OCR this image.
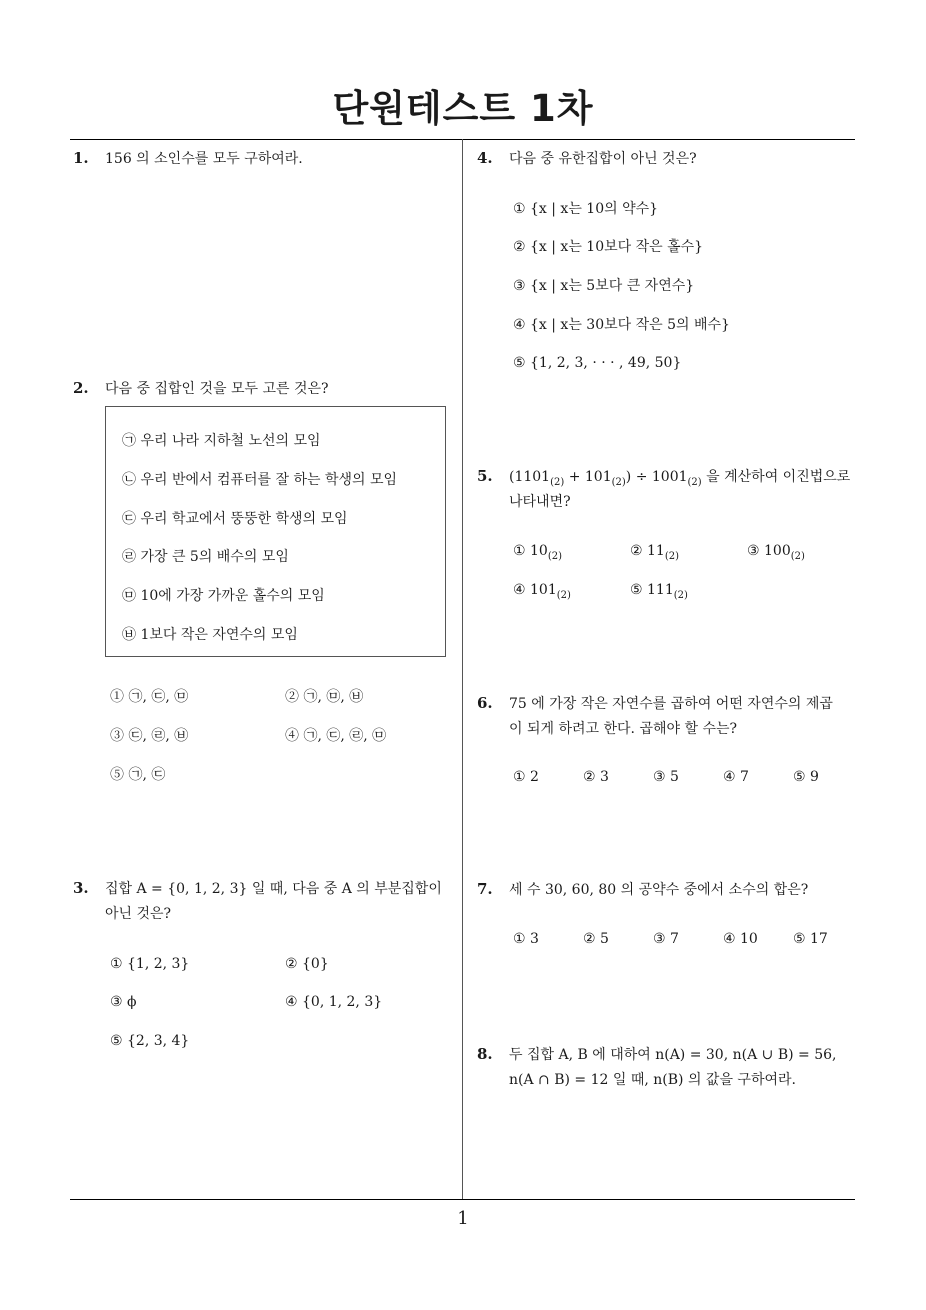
단원테스트 1차
1. 156 의 소인수를 모두 구하여라.
2. 다음 중 집합인 것을 모두 고른 것은?
㉠ 우리 나라 지하철 노선의 모임
㉡ 우리 반에서 컴퓨터를 잘 하는 학생의 모임
㉢ 우리 학교에서 뚱뚱한 학생의 모임
㉣ 가장 큰 5의 배수의 모임
㉤ 10에 가장 가까운 홀수의 모임
㉥ 1보다 작은 자연수의 모임
① ㉠, ㉢, ㉤	② ㉠, ㉤, ㉥
③ ㉢, ㉣, ㉥	④ ㉠, ㉢, ㉣, ㉤
⑤ ㉠, ㉢
3. 집합 A = {0, 1, 2, 3} 일 때, 다음 중 A 의 부분집합이
아닌 것은?
① {1, 2, 3}	② {0}
③ ϕ	④ {0, 1, 2, 3}
⑤ {2, 3, 4}
4. 다음 중 유한집합이 아닌 것은?
① {x | x는 10의 약수}
② {x | x는 10보다 작은 홀수}
③ {x | x는 5보다 큰 자연수}
④ {x | x는 30보다 작은 5의 배수}
⑤ {1, 2, 3, · · · , 49, 50}
5. $(1101_{(2)} + 101_{(2)}) \div 1001_{(2)}$ 을 계산하여 이진법으로
나타내면?
① $10_{(2)}$	② $11_{(2)}$	③ $100_{(2)}$
④ $101_{(2)}$	⑤ $111_{(2)}$
6. 75 에 가장 작은 자연수를 곱하여 어떤 자연수의 제곱
이 되게 하려고 한다. 곱해야 할 수는?
① 2	② 3	③ 5	④ 7	⑤ 9
7. 세 수 30, 60, 80 의 공약수 중에서 소수의 합은?
① 3	② 5	③ 7	④ 10	⑤ 17
8. 두 집합 A, B 에 대하여 n(A) = 30, n(A ∪ B) = 56,
n(A ∩ B) = 12 일 때, n(B) 의 값을 구하여라.
1
